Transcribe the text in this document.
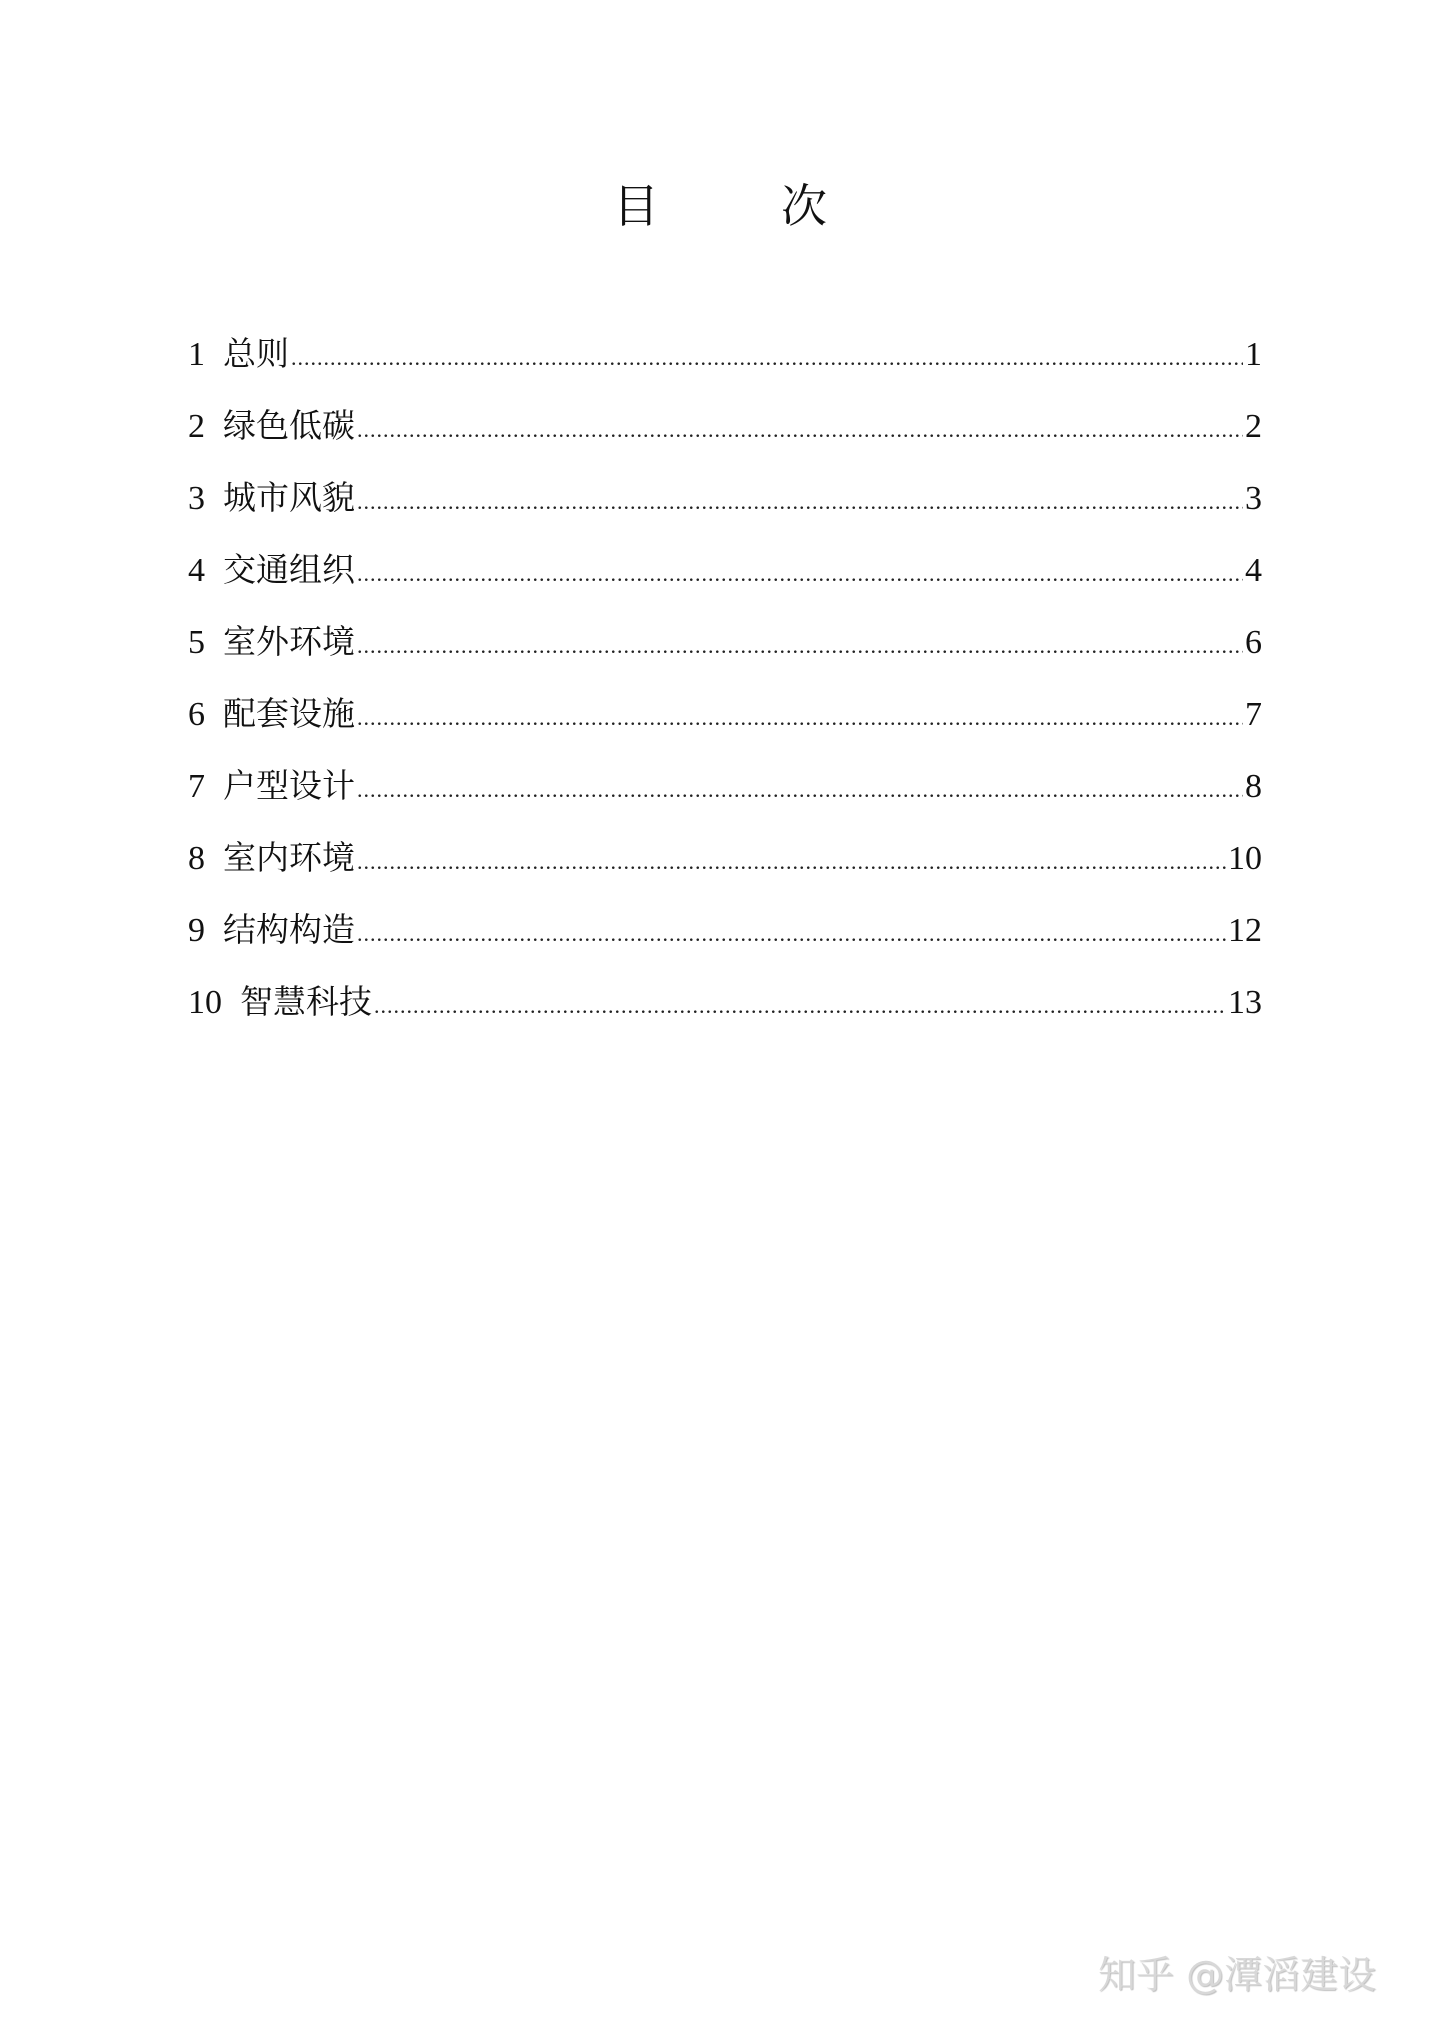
目　次
1 总则 .....	1
2 绿色低碳 .....	2
3 城市风貌 .....	3
4 交通组织 .....	4
5 室外环境 .....	6
6 配套设施 .....	7
7 户型设计 .....	8
8 室内环境 .....	10
9 结构构造 .....	12
10 智慧科技 .....	13
知乎 @潭滔建设
